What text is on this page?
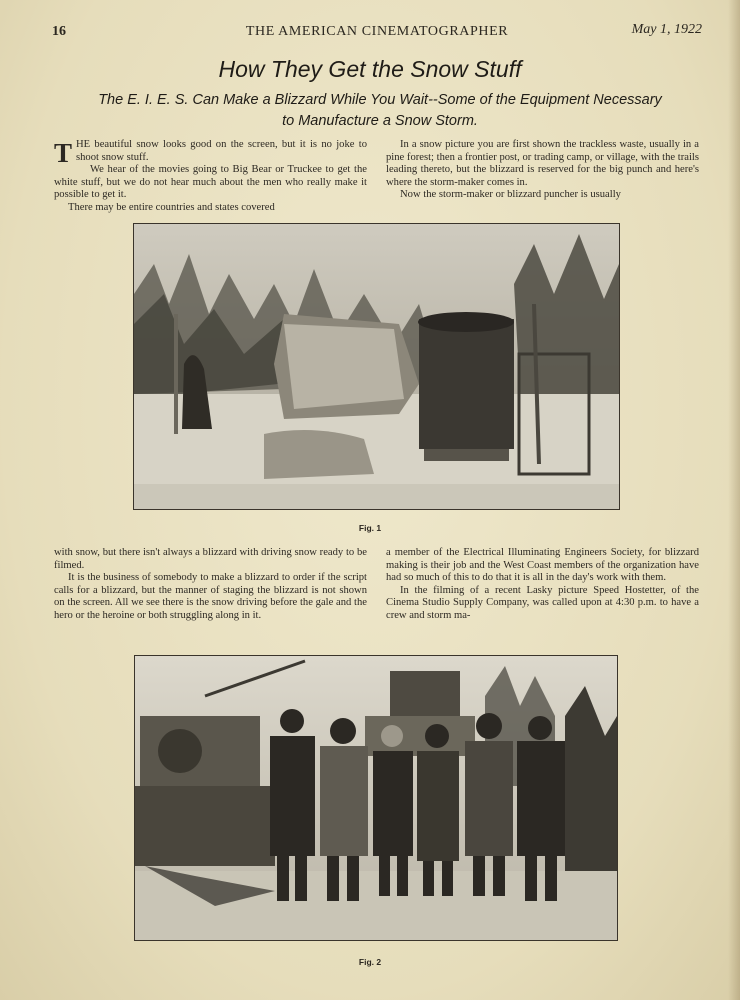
16	THE AMERICAN CINEMATOGRAPHER	May 1, 1922
How They Get the Snow Stuff
The E. I. E. S. Can Make a Blizzard While You Wait--Some of the Equipment Necessary
to Manufacture a Snow Storm.

THE beautiful snow looks good on the screen, but it is no joke to shoot snow stuff.

We hear of the movies going to Big Bear or Truckee to get the white stuff, but we do not hear much about the men who really make it possible to get it.

There may be entire countries and states covered

In a snow picture you are first shown the trackless waste, usually in a pine forest; then a frontier post, or trading camp, or village, with the trails leading thereto, but the blizzard is reserved for the big punch and here's where the storm-maker comes in.

Now the storm-maker or blizzard puncher is usually

Fig. 1

with snow, but there isn't always a blizzard with driving snow ready to be filmed.

It is the business of somebody to make a blizzard to order if the script calls for a blizzard, but the manner of staging the blizzard is not shown on the screen. All we see there is the snow driving before the gale and the hero or the heroine or both struggling along in it.

a member of the Electrical Illuminating Engineers Society, for blizzard making is their job and the West Coast members of the organization have had so much of this to do that it is all in the day's work with them.

In the filming of a recent Lasky picture Speed Hostetter, of the Cinema Studio Supply Company, was called upon at 4:30 p.m. to have a crew and storm ma-

Fig. 2
